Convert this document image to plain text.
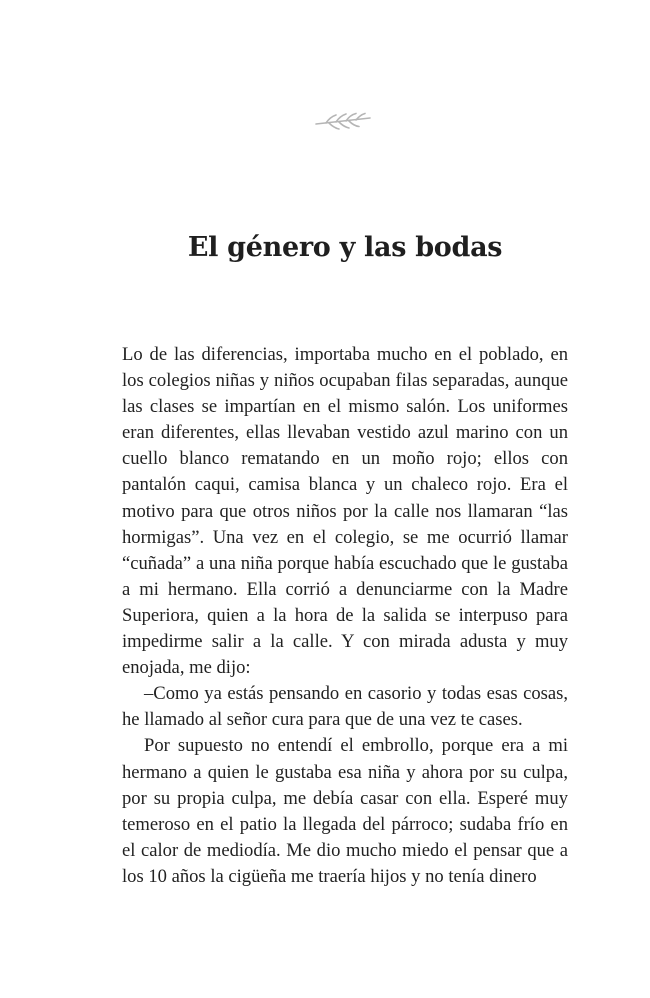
El género y las bodas

Lo de las diferencias, importaba mucho en el poblado, en los colegios niñas y niños ocupaban filas separadas, aunque las clases se impartían en el mismo salón. Los uniformes eran diferentes, ellas llevaban vestido azul marino con un cuello blanco rematando en un moño rojo; ellos con pantalón caqui, camisa blanca y un chaleco rojo. Era el motivo para que otros niños por la calle nos llamaran “las hormigas”. Una vez en el colegio, se me ocurrió llamar “cuñada” a una niña porque había escuchado que le gustaba a mi hermano. Ella corrió a denunciarme con la Madre Superiora, quien a la hora de la salida se interpuso para impedirme salir a la calle. Y con mirada adusta y muy enojada, me dijo:

–Como ya estás pensando en casorio y todas esas cosas, he llamado al señor cura para que de una vez te cases.

Por supuesto no entendí el embrollo, porque era a mi hermano a quien le gustaba esa niña y ahora por su culpa, por su propia culpa, me debía casar con ella. Esperé muy temeroso en el patio la llegada del párroco; sudaba frío en el calor de mediodía. Me dio mucho miedo el pensar que a los 10 años la cigüeña me traería hijos y no tenía dinero
